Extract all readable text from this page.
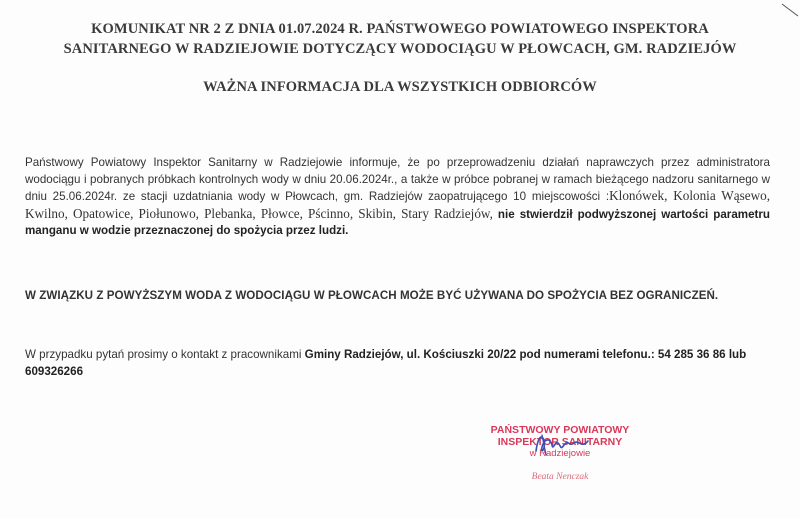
KOMUNIKAT NR 2 Z DNIA 01.07.2024 R. PAŃSTWOWEGO POWIATOWEGO INSPEKTORA
SANITARNEGO W RADZIEJOWIE DOTYCZĄCY WODOCIĄGU W PŁOWCACH, GM. RADZIEJÓW
WAŻNA INFORMACJA DLA WSZYSTKICH ODBIORCÓW
Państwowy Powiatowy Inspektor Sanitarny w Radziejowie informuje, że po przeprowadzeniu działań naprawczych przez administratora wodociągu i pobranych próbkach kontrolnych wody w dniu 20.06.2024r., a także w próbce pobranej w ramach bieżącego nadzoru sanitarnego w dniu 25.06.2024r. ze stacji uzdatniania wody w Płowcach, gm. Radziejów zaopatrującego 10 miejscowości :Klonówek, Kolonia Wąsewo, Kwilno, Opatowice, Piołunowo, Plebanka, Płowce, Pścinno, Skibin, Stary Radziejów, nie stwierdził podwyższonej wartości parametru manganu w wodzie przeznaczonej do spożycia przez ludzi.
W ZWIĄZKU Z POWYŻSZYM WODA Z WODOCIĄGU W PŁOWCACH MOŻE BYĆ UŻYWANA DO SPOŻYCIA BEZ OGRANICZEŃ.
W przypadku pytań prosimy o kontakt z pracownikami Gminy Radziejów, ul. Kościuszki 20/22 pod numerami telefonu.: 54 285 36 86 lub 609326266
PAŃSTWOWY POWIATOWY
INSPEKTOR SANITARNY
w Radziejowie
Beata Nenczak
